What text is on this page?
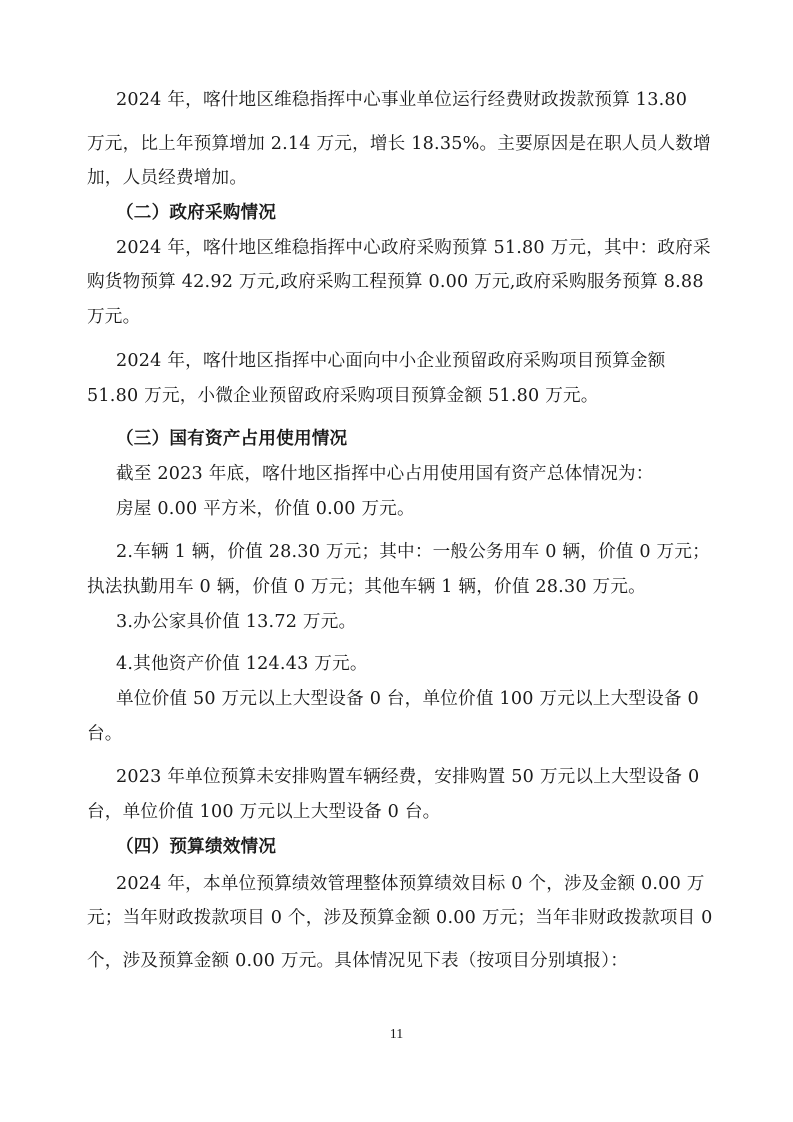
2024 年，喀什地区维稳指挥中心事业单位运行经费财政拨款预算 13.80
万元，比上年预算增加 2.14 万元，增长 18.35%。主要原因是在职人员人数增
加，人员经费增加。
（二）政府采购情况
2024 年，喀什地区维稳指挥中心政府采购预算 51.80 万元，其中：政府采
购货物预算 42.92 万元,政府采购工程预算 0.00 万元,政府采购服务预算 8.88
万元。
2024 年，喀什地区指挥中心面向中小企业预留政府采购项目预算金额
51.80 万元，小微企业预留政府采购项目预算金额 51.80 万元。
（三）国有资产占用使用情况
截至 2023 年底，喀什地区指挥中心占用使用国有资产总体情况为：
房屋 0.00 平方米，价值 0.00 万元。
2.车辆 1 辆，价值 28.30 万元；其中：一般公务用车 0 辆，价值 0 万元；
执法执勤用车 0 辆，价值 0 万元；其他车辆 1 辆，价值 28.30 万元。
3.办公家具价值 13.72 万元。
4.其他资产价值 124.43 万元。
单位价值 50 万元以上大型设备 0 台，单位价值 100 万元以上大型设备 0
台。
2023 年单位预算未安排购置车辆经费，安排购置 50 万元以上大型设备 0
台，单位价值 100 万元以上大型设备 0 台。
（四）预算绩效情况
2024 年，本单位预算绩效管理整体预算绩效目标 0 个，涉及金额 0.00 万
元；当年财政拨款项目 0 个，涉及预算金额 0.00 万元；当年非财政拨款项目 0
个，涉及预算金额 0.00 万元。具体情况见下表（按项目分别填报）：
11
